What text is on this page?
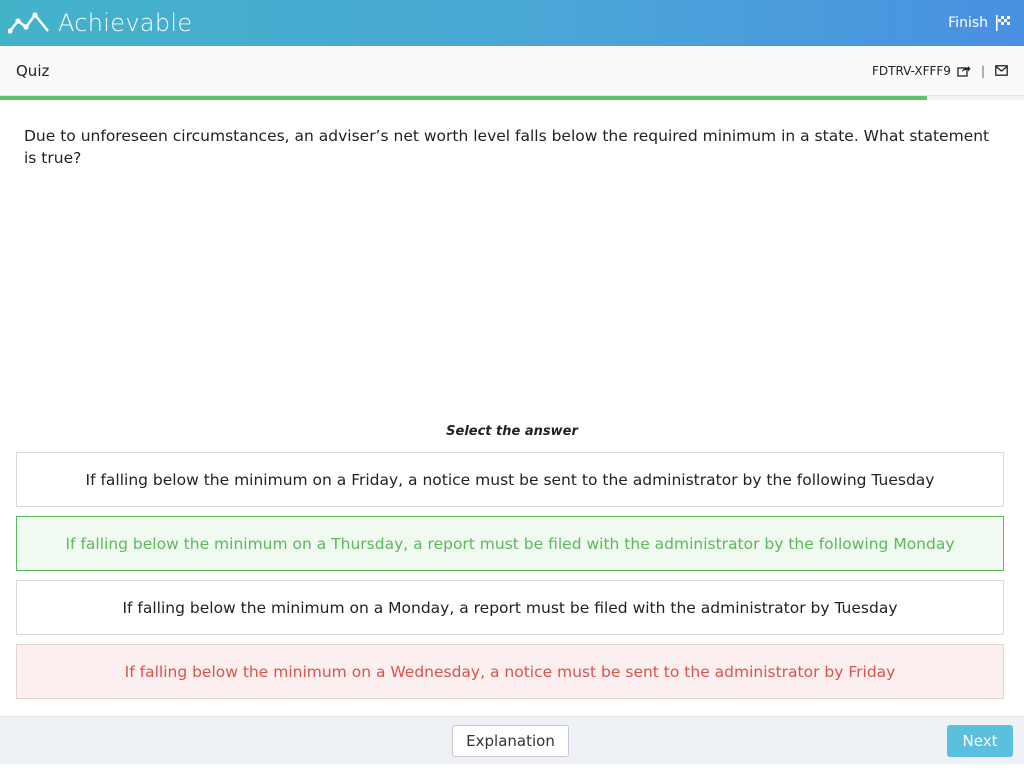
Achievable	Finish
Quiz	FDTRV-XFFF9	|
Due to unforeseen circumstances, an adviser’s net worth level falls below the required minimum in a state. What statement is true?
Select the answer
If falling below the minimum on a Friday, a notice must be sent to the administrator by the following Tuesday
If falling below the minimum on a Thursday, a report must be filed with the administrator by the following Monday
If falling below the minimum on a Monday, a report must be filed with the administrator by Tuesday
If falling below the minimum on a Wednesday, a notice must be sent to the administrator by Friday
Explanation	Next
